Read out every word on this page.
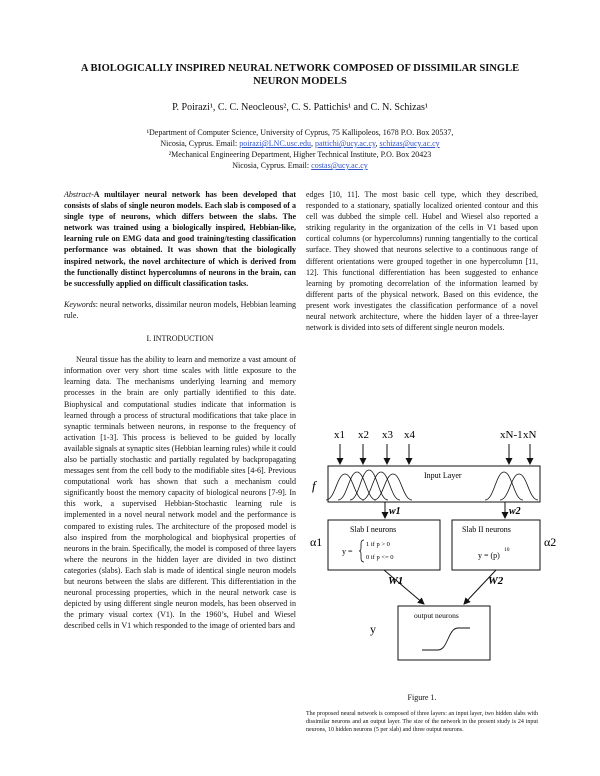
A BIOLOGICALLY INSPIRED NEURAL NETWORK COMPOSED OF DISSIMILAR SINGLE NEURON MODELS
P. Poirazi¹, C. C. Neocleous², C. S. Pattichis¹ and C. N. Schizas¹
¹Department of Computer Science, University of Cyprus, 75 Kallipoleos, 1678 P.O. Box 20537,
Nicosia, Cyprus. Email: poirazi@LNC.usc.edu, pattichi@ucy.ac.cy, schizas@ucy.ac.cy
²Mechanical Engineering Department, Higher Technical Institute, P.O. Box 20423
Nicosia, Cyprus. Email: costas@ucy.ac.cy

Abstract-A multilayer neural network has been developed that consists of slabs of single neuron models. Each slab is composed of a single type of neurons, which differs between the slabs. The network was trained using a biologically inspired, Hebbian-like, learning rule on EMG data and good training/testing classification performance was obtained. It was shown that the biologically inspired network, the novel architecture of which is derived from the functionally distinct hypercolumns of neurons in the brain, can be successfully applied on difficult classification tasks.

Keywords: neural networks, dissimilar neuron models, Hebbian learning rule.

I. INTRODUCTION

Neural tissue has the ability to learn and memorize a vast amount of information over very short time scales with little exposure to the learning data. The mechanisms underlying learning and memory processes in the brain are only partially identified to this date. Biophysical and computational studies indicate that information is learned through a process of structural modifications that take place in synaptic terminals between neurons, in response to the frequency of activation [1-3]. This process is believed to be guided by locally available signals at synaptic sites (Hebbian learning rules) while it could also be partially stochastic and partially regulated by backpropagating messages sent from the cell body to the modifiable sites [4-6]. Previous computational work has shown that such a mechanism could significantly boost the memory capacity of biological neurons [7-9]. In this work, a supervised Hebbian-Stochastic learning rule is implemented in a novel neural network model and the performance is compared to existing rules. The architecture of the proposed model is also inspired from the morphological and biophysical properties of neurons in the brain. Specifically, the model is composed of three layers where the neurons in the hidden layer are divided in two distinct categories (slabs). Each slab is made of identical single neuron models but neurons between the slabs are different. This differentiation in the neuronal processing properties, which in the neural network case is depicted by using different single neuron models, has been observed in the primary visual cortex (V1). In the 1960’s, Hubel and Wiesel described cells in V1 which responded to the image of oriented bars and

edges [10, 11]. The most basic cell type, which they described, responded to a stationary, spatially localized oriented contour and this cell was dubbed the simple cell. Hubel and Wiesel also reported a striking regularity in the organization of the cells in V1 based upon cortical columns (or hypercolumns) running tangentially to the cortical surface. They showed that neurons selective to a continuous range of different orientations were grouped together in one hypercolumn [11, 12]. This functional differentiation has been suggested to enhance learning by promoting decorrelation of the information learned by different parts of the physical network. Based on this evidence, the present work investigates the classification performance of a novel neural network architecture, where the hidden layer of a three-layer network is divided into sets of different single neuron models.

x1 x2 x3 x4	xN-1 xN
f
Input Layer
w1	w2
α1
Slab I neurons
y =
1 if p > 0
0 if p <= 0
α2
Slab II neurons
y = (p)
10
W1	W2
y
output neurons
Figure 1.
The proposed neural network is composed of three layers: an input layer, two hidden slabs with dissimilar neurons and an output layer. The size of the network in the present study is 24 input neurons, 10 hidden neurons (5 per slab) and three output neurons.
